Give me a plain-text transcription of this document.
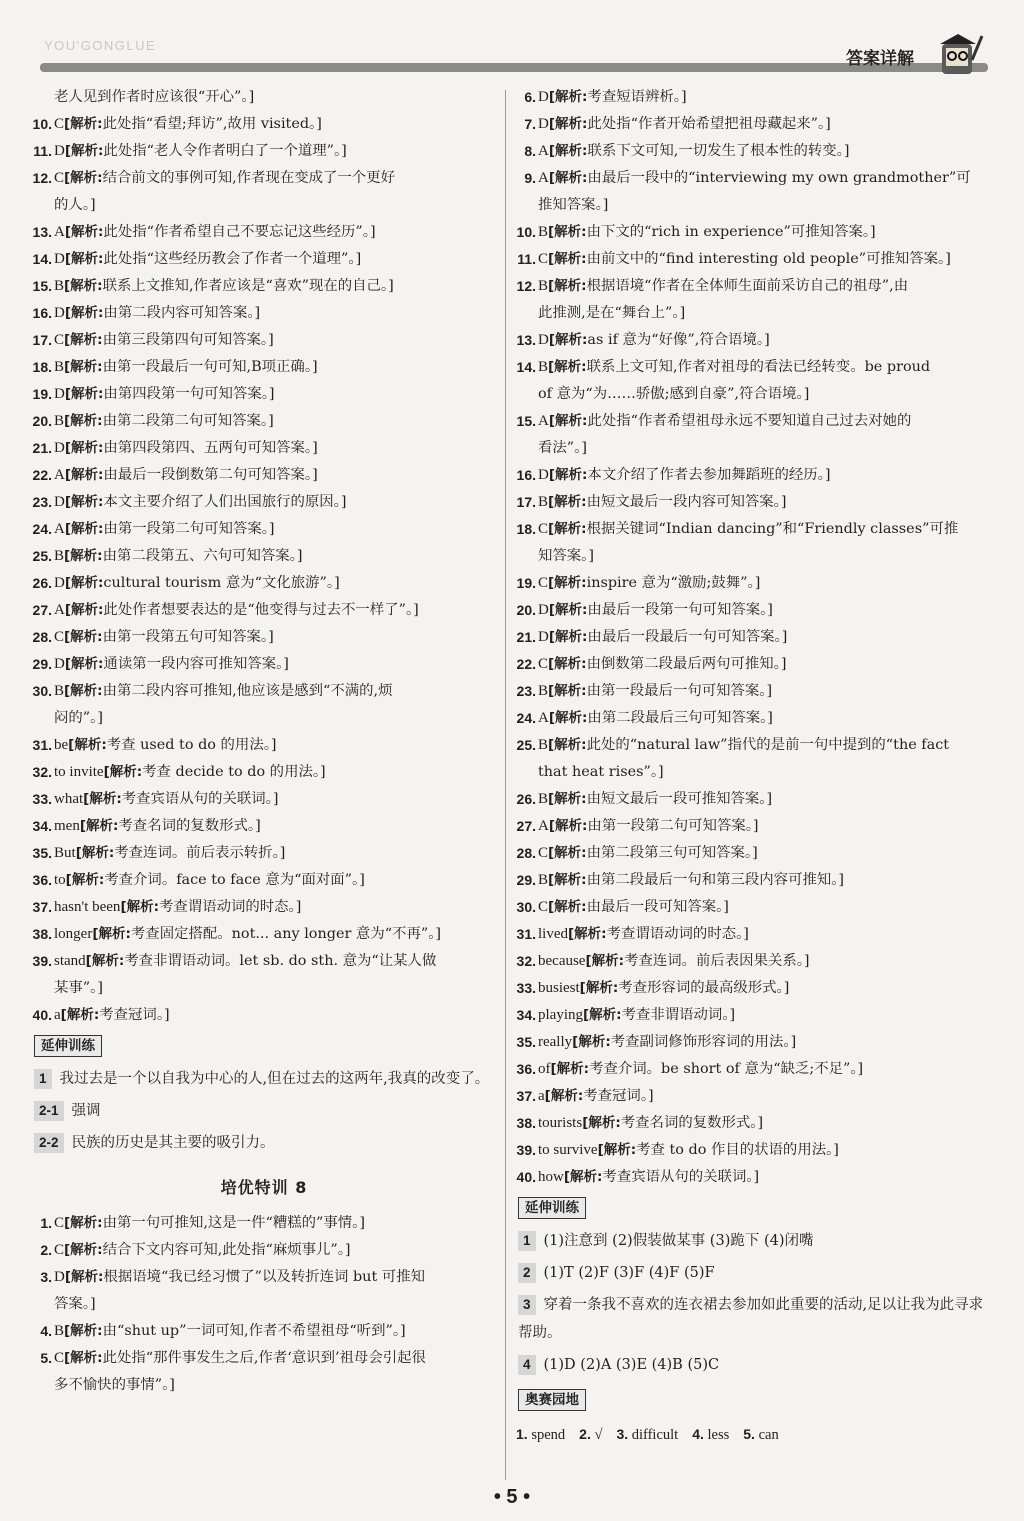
YOU'GONGLUE
答案详解

老人见到作者时应该很“开心”。]

10. C[解析:此处指“看望;拜访”,故用 visited。]

11. D[解析:此处指“老人令作者明白了一个道理”。]

12. C[解析:结合前文的事例可知,作者现在变成了一个更好

的人。]

13. A[解析:此处指“作者希望自己不要忘记这些经历”。]

14. D[解析:此处指“这些经历教会了作者一个道理”。]

15. B[解析:联系上文推知,作者应该是“喜欢”现在的自己。]

16. D[解析:由第二段内容可知答案。]

17. C[解析:由第三段第四句可知答案。]

18. B[解析:由第一段最后一句可知,B项正确。]

19. D[解析:由第四段第一句可知答案。]

20. B[解析:由第二段第二句可知答案。]

21. D[解析:由第四段第四、五两句可知答案。]

22. A[解析:由最后一段倒数第二句可知答案。]

23. D[解析:本文主要介绍了人们出国旅行的原因。]

24. A[解析:由第一段第二句可知答案。]

25. B[解析:由第二段第五、六句可知答案。]

26. D[解析:cultural tourism 意为“文化旅游”。]

27. A[解析:此处作者想要表达的是“他变得与过去不一样了”。]

28. C[解析:由第一段第五句可知答案。]

29. D[解析:通读第一段内容可推知答案。]

30. B[解析:由第二段内容可推知,他应该是感到“不满的,烦

闷的”。]

31. be[解析:考查 used to do 的用法。]

32. to invite[解析:考查 decide to do 的用法。]

33. what[解析:考查宾语从句的关联词。]

34. men[解析:考查名词的复数形式。]

35. But[解析:考查连词。前后表示转折。]

36. to[解析:考查介词。face to face 意为“面对面”。]

37. hasn't been[解析:考查谓语动词的时态。]

38. longer[解析:考查固定搭配。not... any longer 意为“不再”。]

39. stand[解析:考查非谓语动词。let sb. do sth. 意为“让某人做

某事”。]

40. a[解析:考查冠词。]

延伸训练
1 我过去是一个以自我为中心的人,但在过去的这两年,我真的改变了。
2-1 强调
2-2 民族的历史是其主要的吸引力。
培优特训 8

1. C[解析:由第一句可推知,这是一件“糟糕的”事情。]

2. C[解析:结合下文内容可知,此处指“麻烦事儿”。]

3. D[解析:根据语境“我已经习惯了”以及转折连词 but 可推知

答案。]

4. B[解析:由“shut up”一词可知,作者不希望祖母“听到”。]

5. C[解析:此处指“那件事发生之后,作者‘意识到’祖母会引起很

多不愉快的事情”。]

6. D[解析:考查短语辨析。]

7. D[解析:此处指“作者开始希望把祖母藏起来”。]

8. A[解析:联系下文可知,一切发生了根本性的转变。]

9. A[解析:由最后一段中的“interviewing my own grandmother”可

推知答案。]

10. B[解析:由下文的“rich in experience”可推知答案。]

11. C[解析:由前文中的“find interesting old people”可推知答案。]

12. B[解析:根据语境“作者在全体师生面前采访自己的祖母”,由

此推测,是在“舞台上”。]

13. D[解析:as if 意为“好像”,符合语境。]

14. B[解析:联系上文可知,作者对祖母的看法已经转变。be proud

of 意为“为……骄傲;感到自豪”,符合语境。]

15. A[解析:此处指“作者希望祖母永远不要知道自己过去对她的

看法”。]

16. D[解析:本文介绍了作者去参加舞蹈班的经历。]

17. B[解析:由短文最后一段内容可知答案。]

18. C[解析:根据关键词“Indian dancing”和“Friendly classes”可推

知答案。]

19. C[解析:inspire 意为“激励;鼓舞”。]

20. D[解析:由最后一段第一句可知答案。]

21. D[解析:由最后一段最后一句可知答案。]

22. C[解析:由倒数第二段最后两句可推知。]

23. B[解析:由第一段最后一句可知答案。]

24. A[解析:由第二段最后三句可知答案。]

25. B[解析:此处的“natural law”指代的是前一句中提到的“the fact

that heat rises”。]

26. B[解析:由短文最后一段可推知答案。]

27. A[解析:由第一段第二句可知答案。]

28. C[解析:由第二段第三句可知答案。]

29. B[解析:由第二段最后一句和第三段内容可推知。]

30. C[解析:由最后一段可知答案。]

31. lived[解析:考查谓语动词的时态。]

32. because[解析:考查连词。前后表因果关系。]

33. busiest[解析:考查形容词的最高级形式。]

34. playing[解析:考查非谓语动词。]

35. really[解析:考查副词修饰形容词的用法。]

36. of[解析:考查介词。be short of 意为“缺乏;不足”。]

37. a[解析:考查冠词。]

38. tourists[解析:考查名词的复数形式。]

39. to survive[解析:考查 to do 作目的状语的用法。]

40. how[解析:考查宾语从句的关联词。]

延伸训练
1 (1)注意到 (2)假装做某事 (3)跪下 (4)闭嘴
2 (1)T (2)F (3)F (4)F (5)F
3 穿着一条我不喜欢的连衣裙去参加如此重要的活动,足以让我为此寻求帮助。
4 (1)D (2)A (3)E (4)B (5)C
奥赛园地
1. spend 2. √ 3. difficult 4. less 5. can
• 5 •
